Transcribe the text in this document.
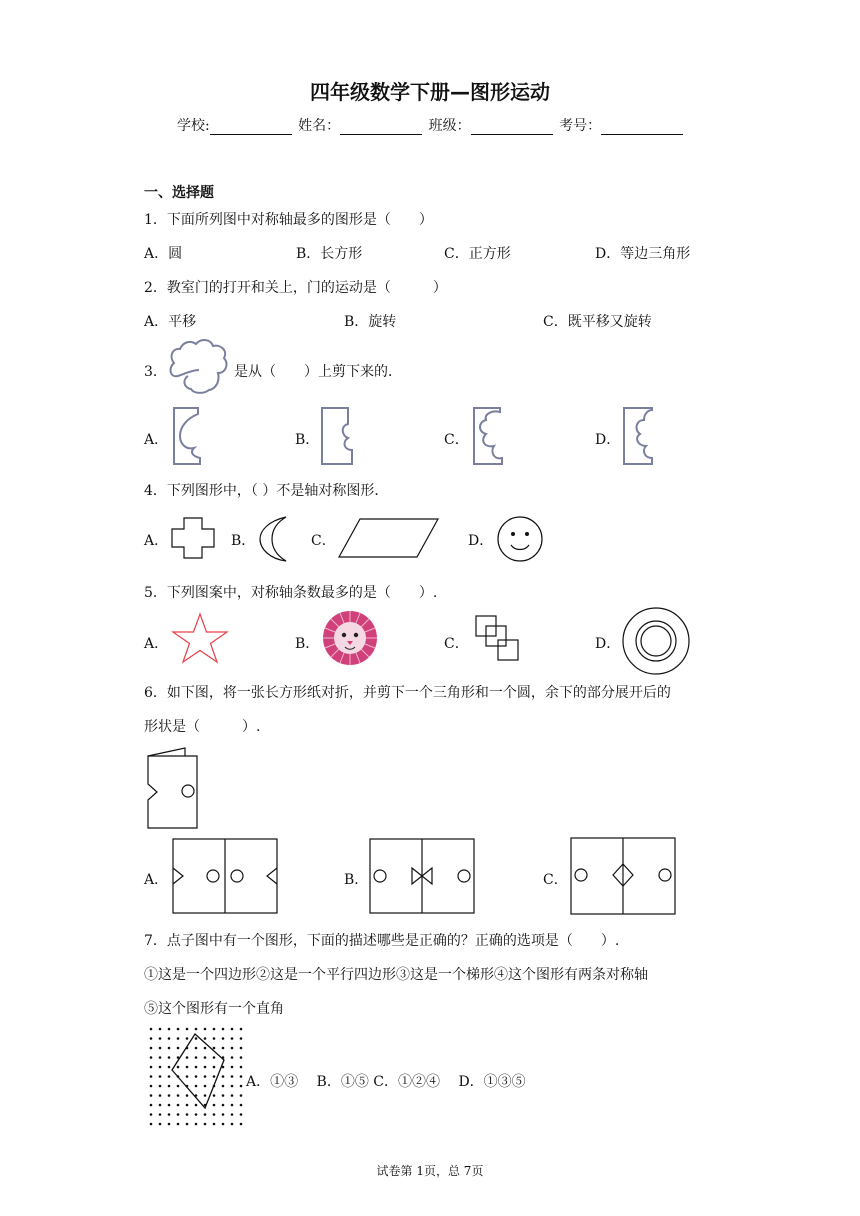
四年级数学下册—图形运动
学校:	姓名：	班级：	考号：
一、选择题
1．下面所列图中对称轴最多的图形是（　　）
A．圆	B．长方形	C．正方形	D．等边三角形
2．教室门的打开和关上，门的运动是（　　　）
A．平移	B．旋转	C．既平移又旋转
3．	是从（　　）上剪下来的．
A．	B．	C．	D．
4．下列图形中，（ ）不是轴对称图形．
A．	B．	C．	D．
5．下列图案中，对称轴条数最多的是（　　）.
A．	B．	C．	D．
6．如下图，将一张长方形纸对折，并剪下一个三角形和一个圆，余下的部分展开后的
形状是（　　　）.
A．	B．	C．
7．点子图中有一个图形，下面的描述哪些是正确的？正确的选项是（　　）.
①这是一个四边形②这是一个平行四边形③这是一个梯形④这个图形有两条对称轴
⑤这个图形有一个直角
A．①③　 B．①⑤ C．①②④　 D．①③⑤
试卷第 1页，总 7页
